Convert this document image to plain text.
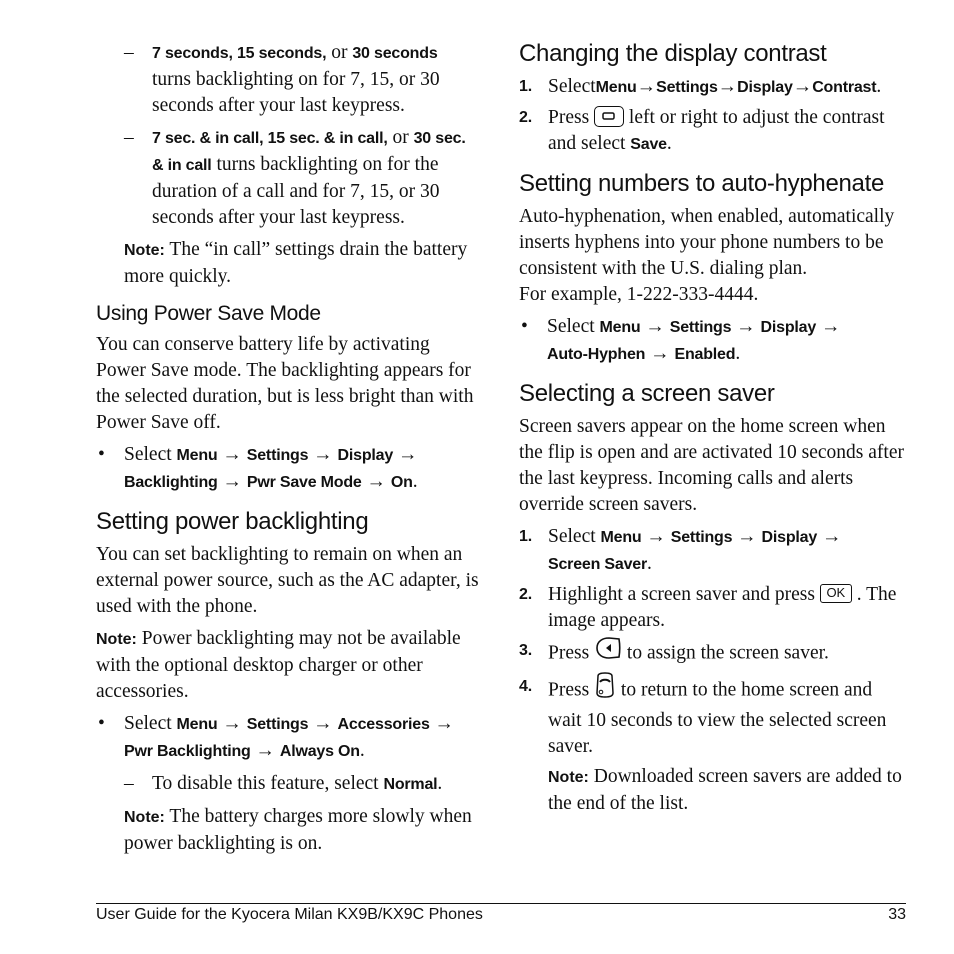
– 7 seconds, 15 seconds, or 30 seconds
turns backlighting on for 7, 15, or 30 seconds after your last keypress.
– 7 sec. & in call, 15 sec. & in call, or 30 sec. & in call turns backlighting on for the duration of a call and for 7, 15, or 30 seconds after your last keypress.
Note: The “in call” settings drain the battery more quickly.
Using Power Save Mode
You can conserve battery life by activating Power Save mode. The backlighting appears for the selected duration, but is less bright than with Power Save off.
• Select Menu → Settings → Display →
Backlighting → Pwr Save Mode → On.
Setting power backlighting
You can set backlighting to remain on when an external power source, such as the AC adapter, is used with the phone.
Note: Power backlighting may not be available with the optional desktop charger or other accessories.
• Select Menu → Settings → Accessories →
Pwr Backlighting → Always On.
– To disable this feature, select Normal.
Note: The battery charges more slowly when power backlighting is on.
Changing the display contrast
1. SelectMenu→Settings→Display→Contrast.
2. Press  left or right to adjust the contrast and select Save.
Setting numbers to auto-hyphenate
Auto-hyphenation, when enabled, automatically inserts hyphens into your phone numbers to be consistent with the U.S. dialing plan.
For example, 1-222-333-4444.
• Select Menu → Settings → Display →
Auto-Hyphen → Enabled.
Selecting a screen saver
Screen savers appear on the home screen when the flip is open and are activated 10 seconds after the last keypress. Incoming calls and alerts override screen savers.
1. Select Menu → Settings → Display →
Screen Saver.
2. Highlight a screen saver and press OK . The image appears.
3. Press  to assign the screen saver.
4. Press  to return to the home screen and wait 10 seconds to view the selected screen saver.
Note: Downloaded screen savers are added to the end of the list.
User Guide for the Kyocera Milan KX9B/KX9C Phones	33
